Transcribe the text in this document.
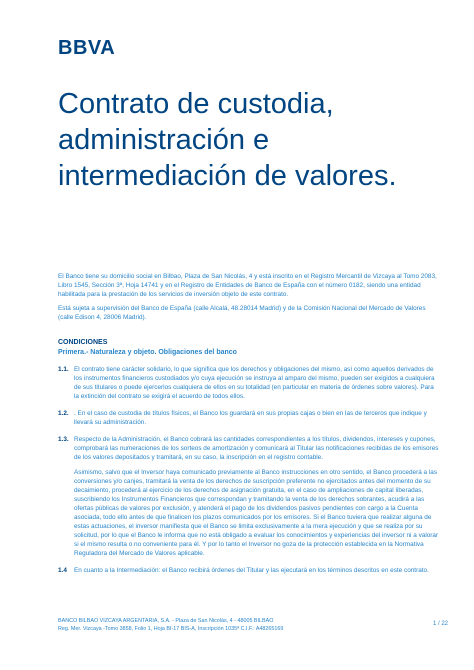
BBVA
Contrato de custodia,
administración e
intermediación de valores.

El Banco tiene su domicilio social en Bilbao, Plaza de San Nicolás, 4 y está inscrito en el Registro Mercantil de Vizcaya al Tomo 2083, Libro 1545, Sección 3ª, Hoja 14741 y en el Registro de Entidades de Banco de España con el número 0182, siendo una entidad habilitada para la prestación de los servicios de inversión objeto de este contrato.

Está sujeta a supervisión del Banco de España (calle Alcalá, 48.28014 Madrid) y de la Comisión Nacional del Mercado de Valores (calle Edison 4, 28006 Madrid).

CONDICIONES
Primera.- Naturaleza y objeto. Obligaciones del banco
1.1. El contrato tiene carácter solidario, lo que significa que los derechos y obligaciones del mismo, así como aquellos derivados de los instrumentos financieros custodiados y/o cuya ejecución se instruya al amparo del mismo, pueden ser exigidos a cualquiera de sus titulares o puede ejercerlos cualquiera de ellos en su totalidad (en particular en materia de órdenes sobre valores). Para la extinción del contrato se exigirá el acuerdo de todos ellos.

1.2. . En el caso de custodia de títulos físicos, el Banco los guardará en sus propias cajas o bien en las de terceros que indique y llevará su administración.

1.3. Respecto de la Administración, el Banco cobrará las cantidades correspondientes a los títulos, dividendos, intereses y cupones, comprobará las numeraciones de los sorteos de amortización y comunicará al Titular las notificaciones recibidas de los emisores de los valores depositados y tramitará, en su caso, la inscripción en el registro contable.

Asimismo, salvo que el Inversor haya comunicado previamente al Banco instrucciones en otro sentido, el Banco procederá a las conversiones y/o canjes, tramitará la venta de los derechos de suscripción preferente no ejercitados antes del momento de su decaimiento, procederá al ejercicio de los derechos de asignación gratuita, en el caso de ampliaciones de capital liberadas, suscribiendo los Instrumentos Financieros que correspondan y tramitando la venta de los derechos sobrantes, acudirá a las ofertas públicas de valores por exclusión, y atenderá el pago de los dividendos pasivos pendientes con cargo a la Cuenta asociada, todo ello antes de que finalicen los plazos comunicados por los emisores. Si el Banco tuviera que realizar alguna de estas actuaciones, el inversor manifiesta que el Banco se limita exclusivamente a la mera ejecución y que se realiza por su solicitud, por lo que el Banco le informa que no está obligado a evaluar los conocimientos y experiencias del inversor ni a valorar si el mismo resulta o no conveniente para él. Y por lo tanto el Inversor no goza de la protección establecida en la Normativa Reguladora del Mercado de Valores aplicable.

1.4 En cuanto a la Intermediación: el Banco recibirá órdenes del Titular y las ejecutará en los términos descritos en este contrato.

BANCO BILBAO VIZCAYA ARGENTARIA, S.A. - Plaza de San Nicolás, 4 - 48005 BILBAO
Reg. Mer. Vizcaya -Tomo 3858, Folio 1, Hoja BI-17 BIS-A, Inscripción 1035ª C.I.F.: A48265169
1 / 22
